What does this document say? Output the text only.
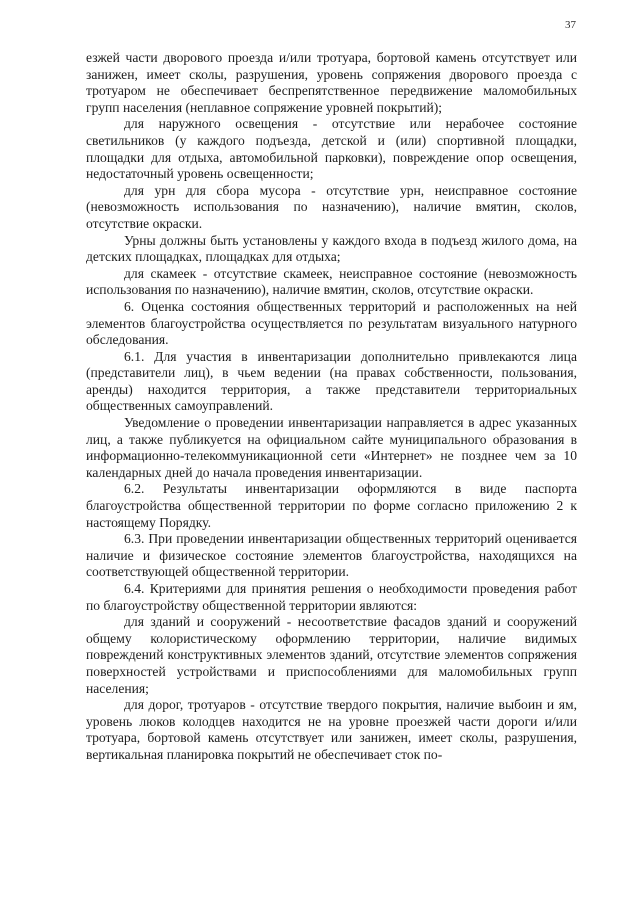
37

езжей части дворового проезда и/или тротуара, бортовой камень отсутствует или занижен, имеет сколы, разрушения, уровень сопряжения дворового проезда с тротуаром не обеспечивает беспрепятственное передвижение маломобильных групп населения (неплавное сопряжение уровней покрытий);

для наружного освещения - отсутствие или нерабочее состояние светильников (у каждого подъезда, детской и (или) спортивной площадки, площадки для отдыха, автомобильной парковки), повреждение опор освещения, недостаточный уровень освещенности;

для урн для сбора мусора - отсутствие урн, неисправное состояние (невозможность использования по назначению), наличие вмятин, сколов, отсутствие окраски.

Урны должны быть установлены у каждого входа в подъезд жилого дома, на детских площадках, площадках для отдыха;

для скамеек - отсутствие скамеек, неисправное состояние (невозможность использования по назначению), наличие вмятин, сколов, отсутствие окраски.

6. Оценка состояния общественных территорий и расположенных на ней элементов благоустройства осуществляется по результатам визуального натурного обследования.

6.1. Для участия в инвентаризации дополнительно привлекаются лица (представители лиц), в чьем ведении (на правах собственности, пользования, аренды) находится территория, а также представители территориальных общественных самоуправлений.

Уведомление о проведении инвентаризации направляется в адрес указанных лиц, а также публикуется на официальном сайте муниципального образования в информационно-телекоммуникационной сети «Интернет» не позднее чем за 10 календарных дней до начала проведения инвентаризации.

6.2. Результаты инвентаризации оформляются в виде паспорта благоустройства общественной территории по форме согласно приложению 2 к настоящему Порядку.

6.3. При проведении инвентаризации общественных территорий оценивается наличие и физическое состояние элементов благоустройства, находящихся на соответствующей общественной территории.

6.4. Критериями для принятия решения о необходимости проведения работ по благоустройству общественной территории являются:

для зданий и сооружений - несоответствие фасадов зданий и сооружений общему колористическому оформлению территории, наличие видимых повреждений конструктивных элементов зданий, отсутствие элементов сопряжения поверхностей устройствами и приспособлениями для маломобильных групп населения;

для дорог, тротуаров - отсутствие твердого покрытия, наличие выбоин и ям, уровень люков колодцев находится не на уровне проезжей части дороги и/или тротуара, бортовой камень отсутствует или занижен, имеет сколы, разрушения, вертикальная планировка покрытий не обеспечивает сток по-
